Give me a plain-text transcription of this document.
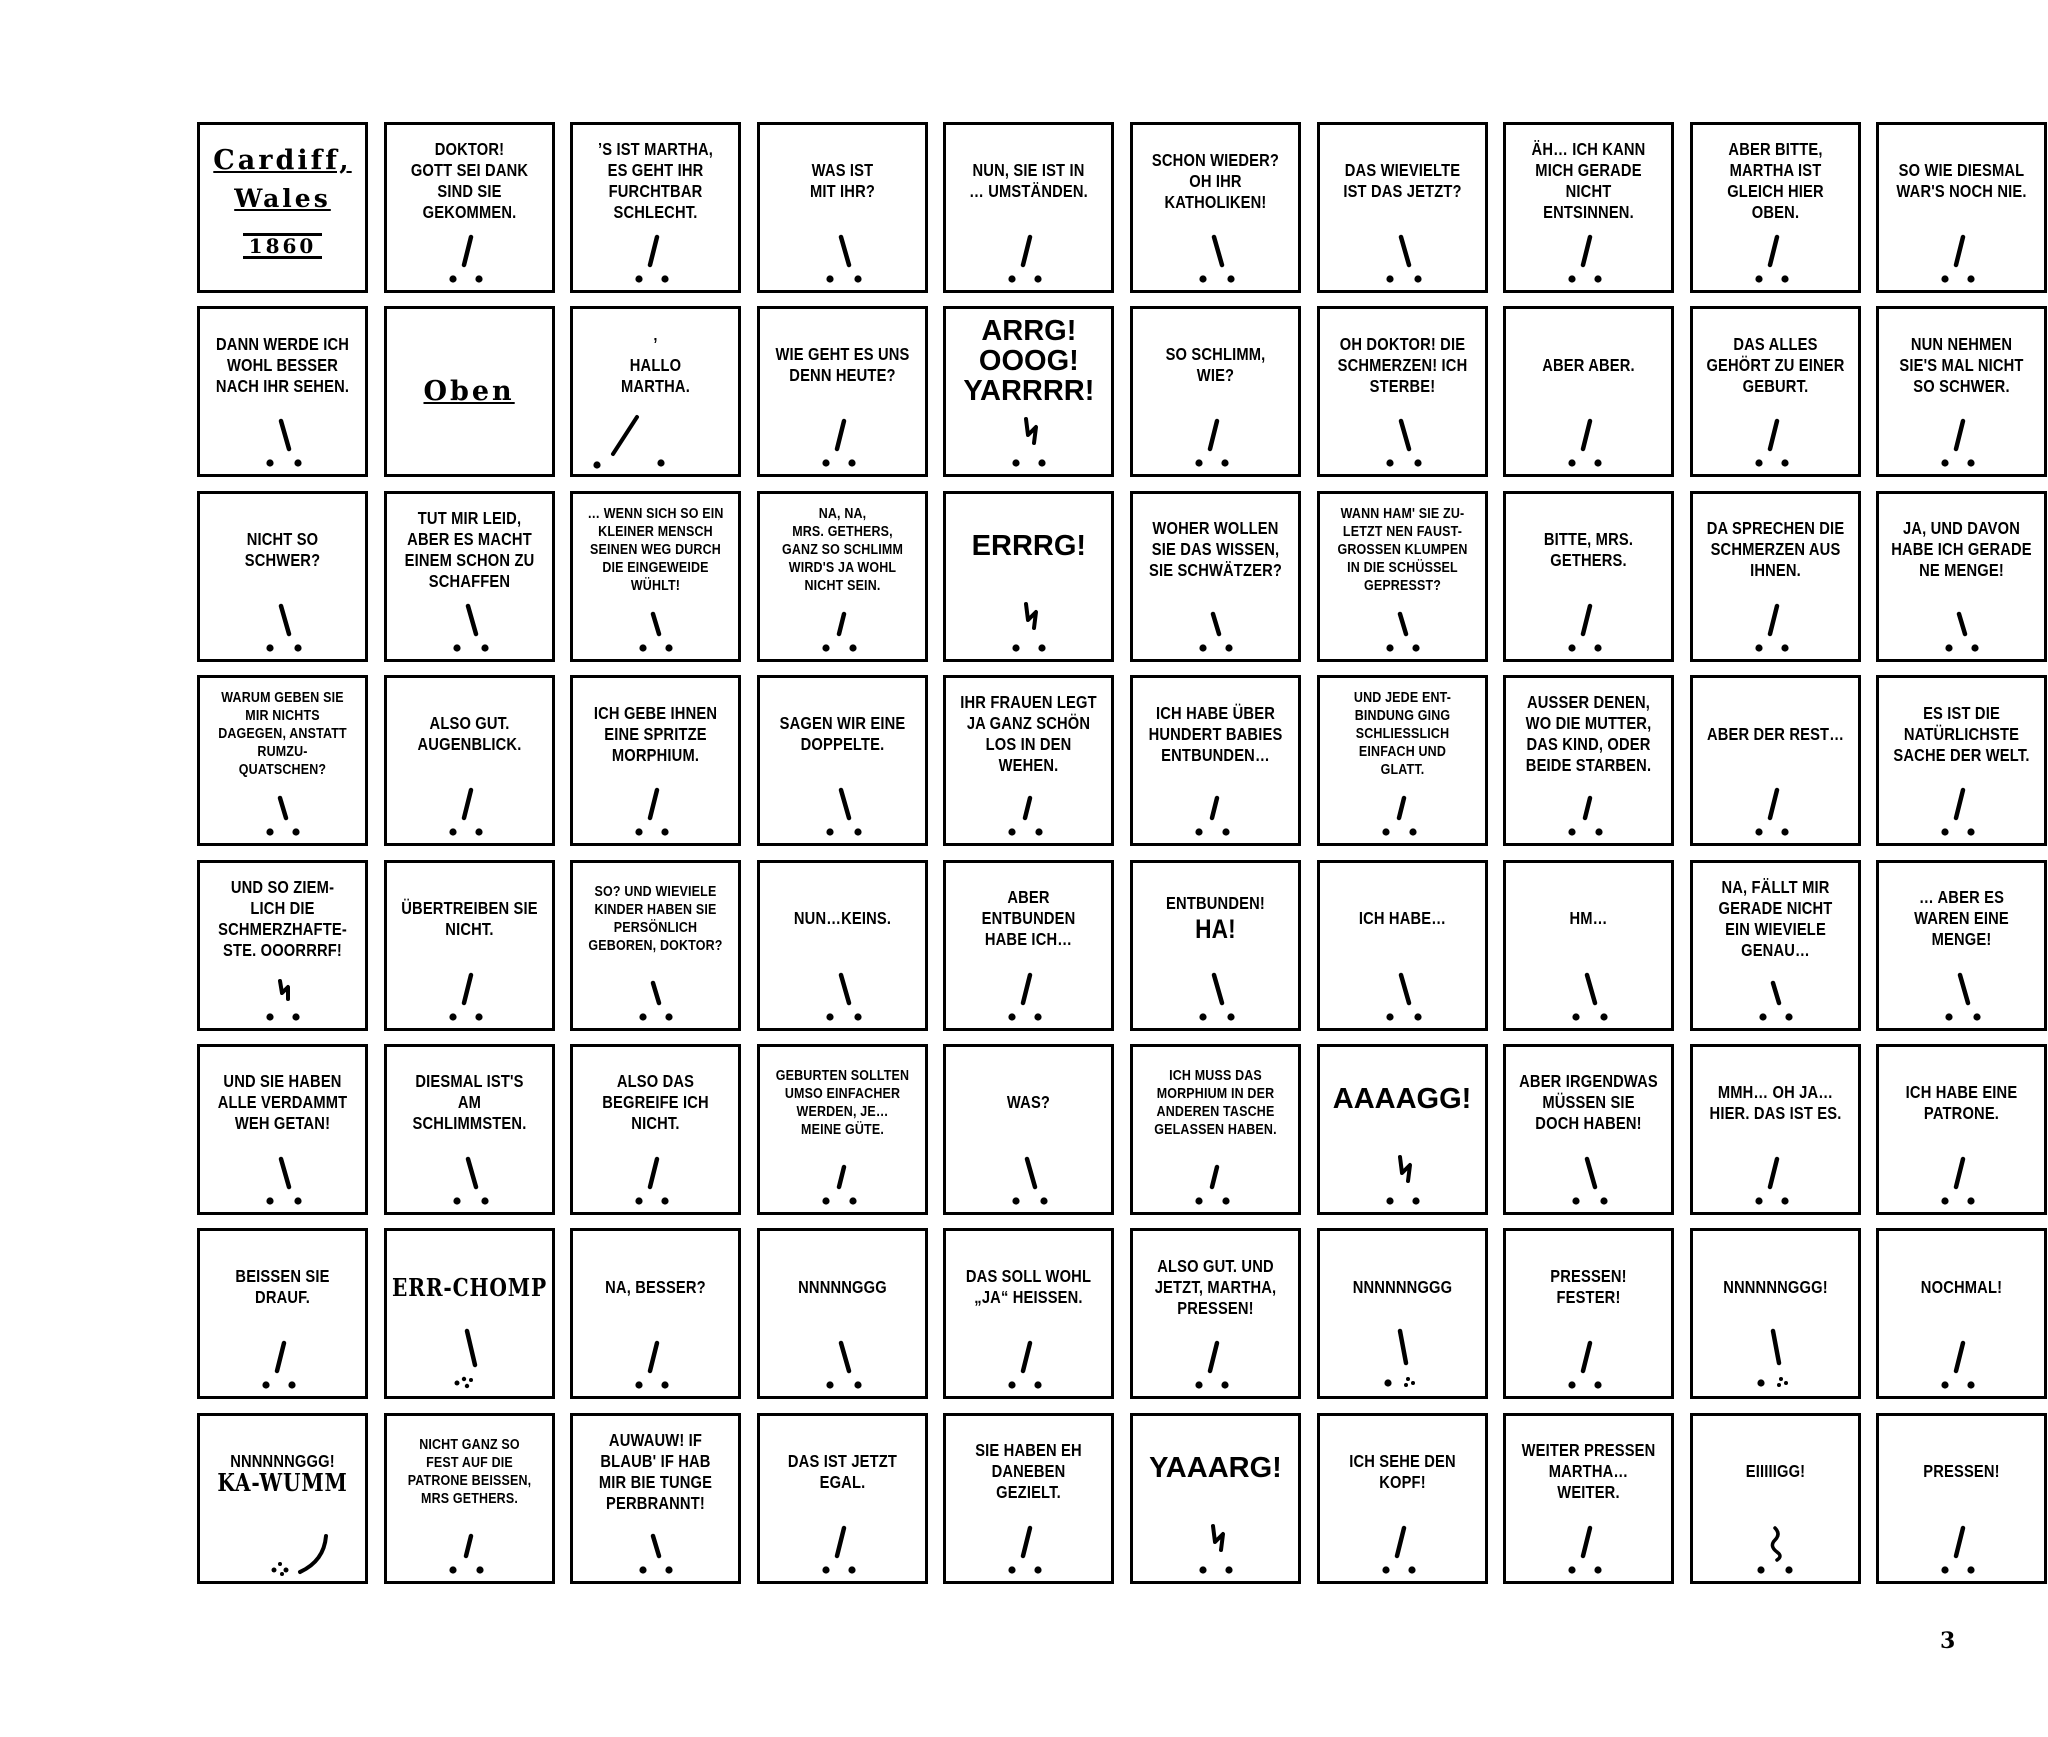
Cardiff,
Wales
1860
DOKTOR!
GOTT SEI DANK
SIND SIE
GEKOMMEN.
’S IST MARTHA,
ES GEHT IHR
FURCHTBAR
SCHLECHT.
WAS IST
MIT IHR?
NUN, SIE IST IN
… UMSTÄNDEN.
SCHON WIEDER?
OH IHR
KATHOLIKEN!
DAS WIEVIELTE
IST DAS JETZT?
ÄH… ICH KANN
MICH GERADE
NICHT
ENTSINNEN.
ABER BITTE,
MARTHA IST
GLEICH HIER
OBEN.
SO WIE DIESMAL
WAR'S NOCH NIE.
DANN WERDE ICH
WOHL BESSER
NACH IHR SEHEN.	Oben
’
HALLO
MARTHA.
WIE GEHT ES UNS
DENN HEUTE?
ARRG!
OOOG!
YARRRR!
SO SCHLIMM,
WIE?
OH DOKTOR! DIE
SCHMERZEN! ICH
STERBE!
ABER ABER.
DAS ALLES
GEHÖRT ZU EINER
GEBURT.
NUN NEHMEN
SIE'S MAL NICHT
SO SCHWER.
NICHT SO
SCHWER?
TUT MIR LEID,
ABER ES MACHT
EINEM SCHON ZU
SCHAFFEN
… WENN SICH SO EIN
KLEINER MENSCH
SEINEN WEG DURCH
DIE EINGEWEIDE
WÜHLT!
NA, NA,
MRS. GETHERS,
GANZ SO SCHLIMM
WIRD'S JA WOHL
NICHT SEIN.
ERRRG!
WOHER WOLLEN
SIE DAS WISSEN,
SIE SCHWÄTZER?
WANN HAM' SIE ZU-
LETZT NEN FAUST-
GROSSEN KLUMPEN
IN DIE SCHÜSSEL
GEPRESST?
BITTE, MRS.
GETHERS.
DA SPRECHEN DIE
SCHMERZEN AUS
IHNEN.
JA, UND DAVON
HABE ICH GERADE
NE MENGE!
WARUM GEBEN SIE
MIR NICHTS
DAGEGEN, ANSTATT
RUMZU-
QUATSCHEN?
ALSO GUT.
AUGENBLICK.
ICH GEBE IHNEN
EINE SPRITZE
MORPHIUM.
SAGEN WIR EINE
DOPPELTE.
IHR FRAUEN LEGT
JA GANZ SCHÖN
LOS IN DEN
WEHEN.
ICH HABE ÜBER
HUNDERT BABIES
ENTBUNDEN…
UND JEDE ENT-
BINDUNG GING
SCHLIESSLICH
EINFACH UND
GLATT.
AUSSER DENEN,
WO DIE MUTTER,
DAS KIND, ODER
BEIDE STARBEN.
ABER DER REST…
ES IST DIE
NATÜRLICHSTE
SACHE DER WELT.
UND SO ZIEM-
LICH DIE
SCHMERZHAFTE-
STE. OOORRRF!
ÜBERTREIBEN SIE
NICHT.
SO? UND WIEVIELE
KINDER HABEN SIE
PERSÖNLICH
GEBOREN, DOKTOR?
NUN…KEINS.
ABER
ENTBUNDEN
HABE ICH…
ENTBUNDEN!
HA!	ICH HABE…	HM…
NA, FÄLLT MIR
GERADE NICHT
EIN WIEVIELE
GENAU…
… ABER ES
WAREN EINE
MENGE!
UND SIE HABEN
ALLE VERDAMMT
WEH GETAN!
DIESMAL IST'S
AM
SCHLIMMSTEN.
ALSO DAS
BEGREIFE ICH
NICHT.
GEBURTEN SOLLTEN
UMSO EINFACHER
WERDEN, JE…
MEINE GÜTE.
WAS?
ICH MUSS DAS
MORPHIUM IN DER
ANDEREN TASCHE
GELASSEN HABEN.
AAAAGG!
ABER IRGENDWAS
MÜSSEN SIE
DOCH HABEN!
MMH… OH JA…
HIER. DAS IST ES.
ICH HABE EINE
PATRONE.
BEISSEN SIE
DRAUF.	ERR-CHOMP	NA, BESSER?	NNNNNGGG
DAS SOLL WOHL
„JA“ HEISSEN.
ALSO GUT. UND
JETZT, MARTHA,
PRESSEN!
NNNNNNGGG
PRESSEN!
FESTER!
NNNNNNGGG!	NOCHMAL!
NNNNNNGGG!
KA-WUMM
NICHT GANZ SO
FEST AUF DIE
PATRONE BEISSEN,
MRS GETHERS.
AUWAUW! IF
BLAUB' IF HAB
MIR BIE TUNGE
PERBRANNT!
DAS IST JETZT
EGAL.
SIE HABEN EH
DANEBEN
GEZIELT.
YAAARG!	ICH SEHE DEN
KOPF!
WEITER PRESSEN
MARTHA…
WEITER.
EIIIIIGG!	PRESSEN!
3
